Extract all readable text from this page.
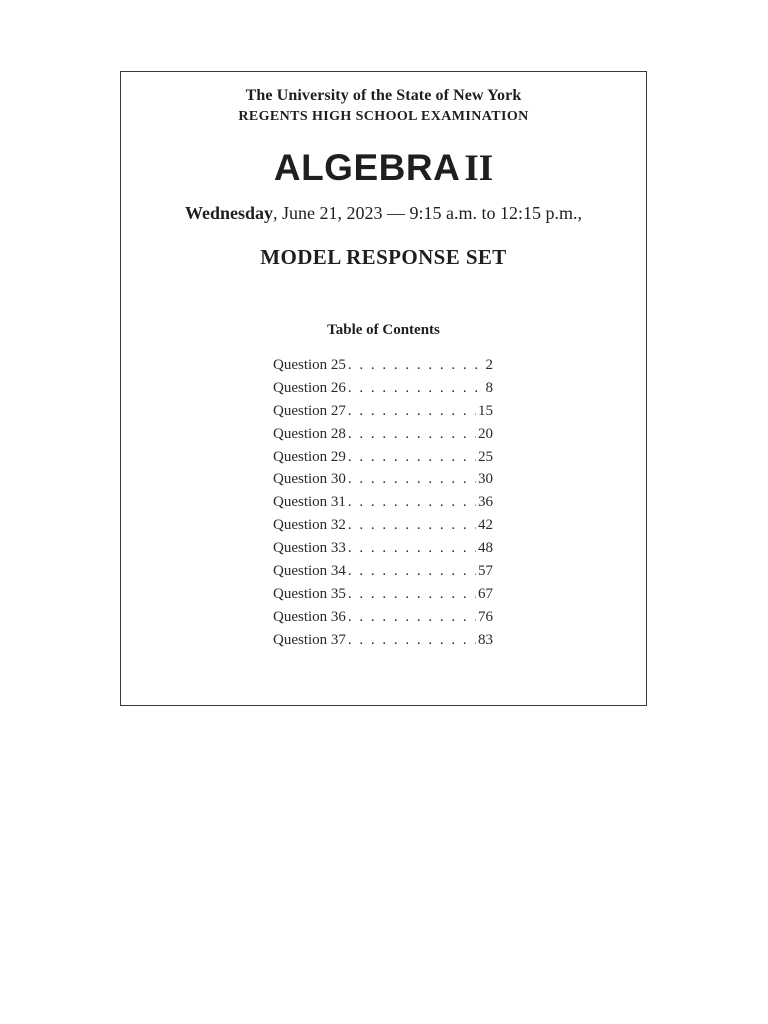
The University of the State of New York
REGENTS HIGH SCHOOL EXAMINATION
ALGEBRA II
Wednesday, June 21, 2023 — 9:15 a.m. to 12:15 p.m.,
MODEL RESPONSE SET
Table of Contents
Question 25 . . .	2
Question 26 . . .	8
Question 27 . . .	15
Question 28 . . .	20
Question 29 . . .	25
Question 30 . . .	30
Question 31 . . .	36
Question 32 . . .	42
Question 33 . . .	48
Question 34 . . .	57
Question 35 . . .	67
Question 36 . . .	76
Question 37 . . .	83
